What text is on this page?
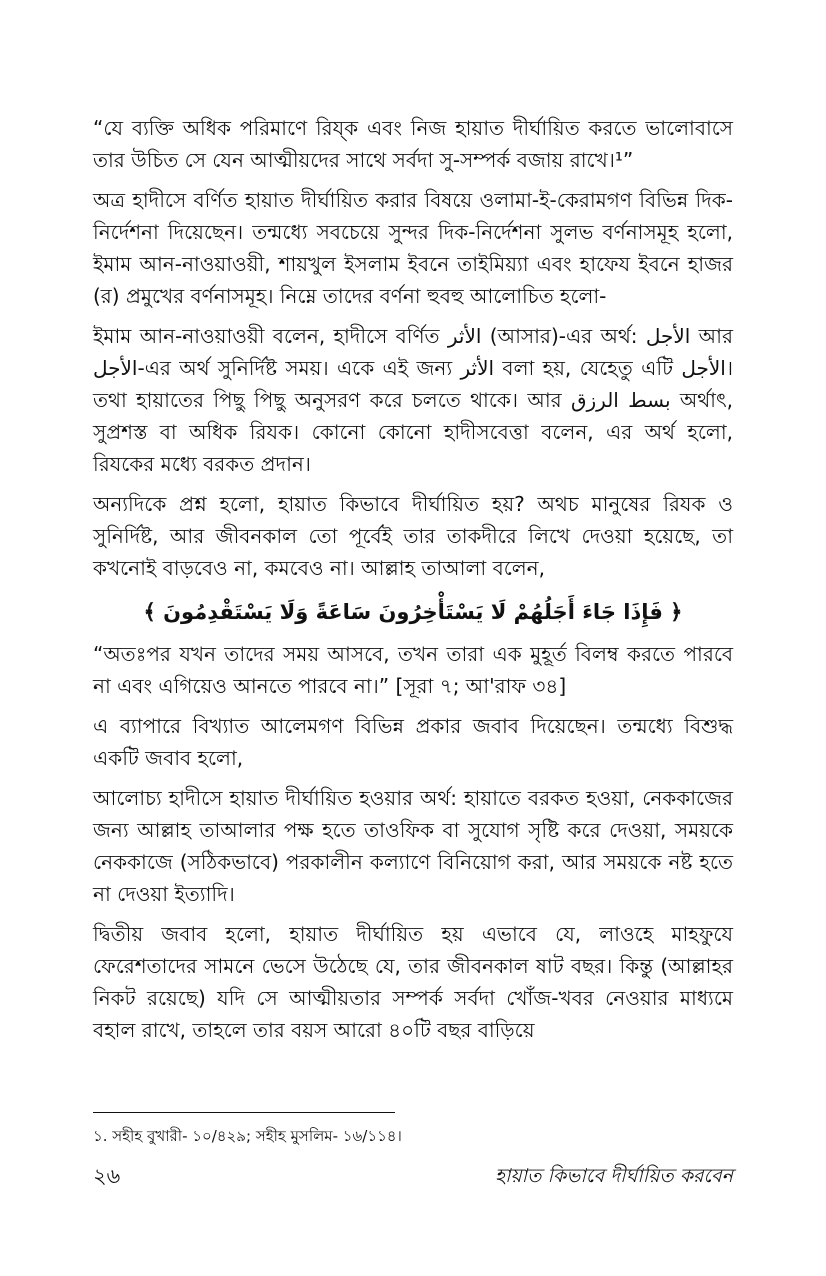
“যে ব্যক্তি অধিক পরিমাণে রিয্ক এবং নিজ হায়াত দীর্ঘায়িত করতে ভালোবাসে তার উচিত সে যেন আত্মীয়দের সাথে সর্বদা সু-সম্পর্ক বজায় রাখে।¹”

অত্র হাদীসে বর্ণিত হায়াত দীর্ঘায়িত করার বিষয়ে ওলামা-ই-কেরামগণ বিভিন্ন দিক-নির্দেশনা দিয়েছেন। তন্মধ্যে সবচেয়ে সুন্দর দিক-নির্দেশনা সুলভ বর্ণনাসমূহ হলো, ইমাম আন-নাওয়াওয়ী, শায়খুল ইসলাম ইবনে তাইমিয়্যা এবং হাফেয ইবনে হাজর (র) প্রমুখের বর্ণনাসমূহ। নিম্নে তাদের বর্ণনা হুবহু আলোচিত হলো-

ইমাম আন-নাওয়াওয়ী বলেন, হাদীসে বর্ণিত الأثر (আসার)-এর অর্থ: الأجل আর الأجل-এর অর্থ সুনির্দিষ্ট সময়। একে এই জন্য الأثر বলা হয়, যেহেতু এটি الأجل। তথা হায়াতের পিছু পিছু অনুসরণ করে চলতে থাকে। আর بسط الرزق অর্থাৎ, সুপ্রশস্ত বা অধিক রিযক। কোনো কোনো হাদীসবেত্তা বলেন, এর অর্থ হলো, রিযকের মধ্যে বরকত প্রদান।

অন্যদিকে প্রশ্ন হলো, হায়াত কিভাবে দীর্ঘায়িত হয়? অথচ মানুষের রিযক ও সুনির্দিষ্ট, আর জীবনকাল তো পূর্বেই তার তাকদীরে লিখে দেওয়া হয়েছে, তা কখনোই বাড়বেও না, কমবেও না। আল্লাহ তাআলা বলেন,

﴿ فَإِذَا جَاءَ أَجَلُهُمْ لَا يَسْتَأْخِرُونَ سَاعَةً وَلَا يَسْتَقْدِمُونَ ﴾

“অতঃপর যখন তাদের সময় আসবে, তখন তারা এক মুহূর্ত বিলম্ব করতে পারবে না এবং এগিয়েও আনতে পারবে না।” [সূরা ৭; আ'রাফ ৩৪]

এ ব্যাপারে বিখ্যাত আলেমগণ বিভিন্ন প্রকার জবাব দিয়েছেন। তন্মধ্যে বিশুদ্ধ একটি জবাব হলো,

আলোচ্য হাদীসে হায়াত দীর্ঘায়িত হওয়ার অর্থ: হায়াতে বরকত হওয়া, নেককাজের জন্য আল্লাহ তাআলার পক্ষ হতে তাওফিক বা সুযোগ সৃষ্টি করে দেওয়া, সময়কে নেককাজে (সঠিকভাবে) পরকালীন কল্যাণে বিনিয়োগ করা, আর সময়কে নষ্ট হতে না দেওয়া ইত্যাদি।

দ্বিতীয় জবাব হলো, হায়াত দীর্ঘায়িত হয় এভাবে যে, লাওহে মাহফুযে ফেরেশতাদের সামনে ভেসে উঠেছে যে, তার জীবনকাল ষাট বছর। কিন্তু (আল্লাহর নিকট রয়েছে) যদি সে আত্মীয়তার সম্পর্ক সর্বদা খোঁজ-খবর নেওয়ার মাধ্যমে বহাল রাখে, তাহলে তার বয়স আরো ৪০টি বছর বাড়িয়ে

১. সহীহ বুখারী- ১০/৪২৯; সহীহ মুসলিম- ১৬/১১৪।
২৬	হায়াত কিভাবে দীর্ঘায়িত করবেন
